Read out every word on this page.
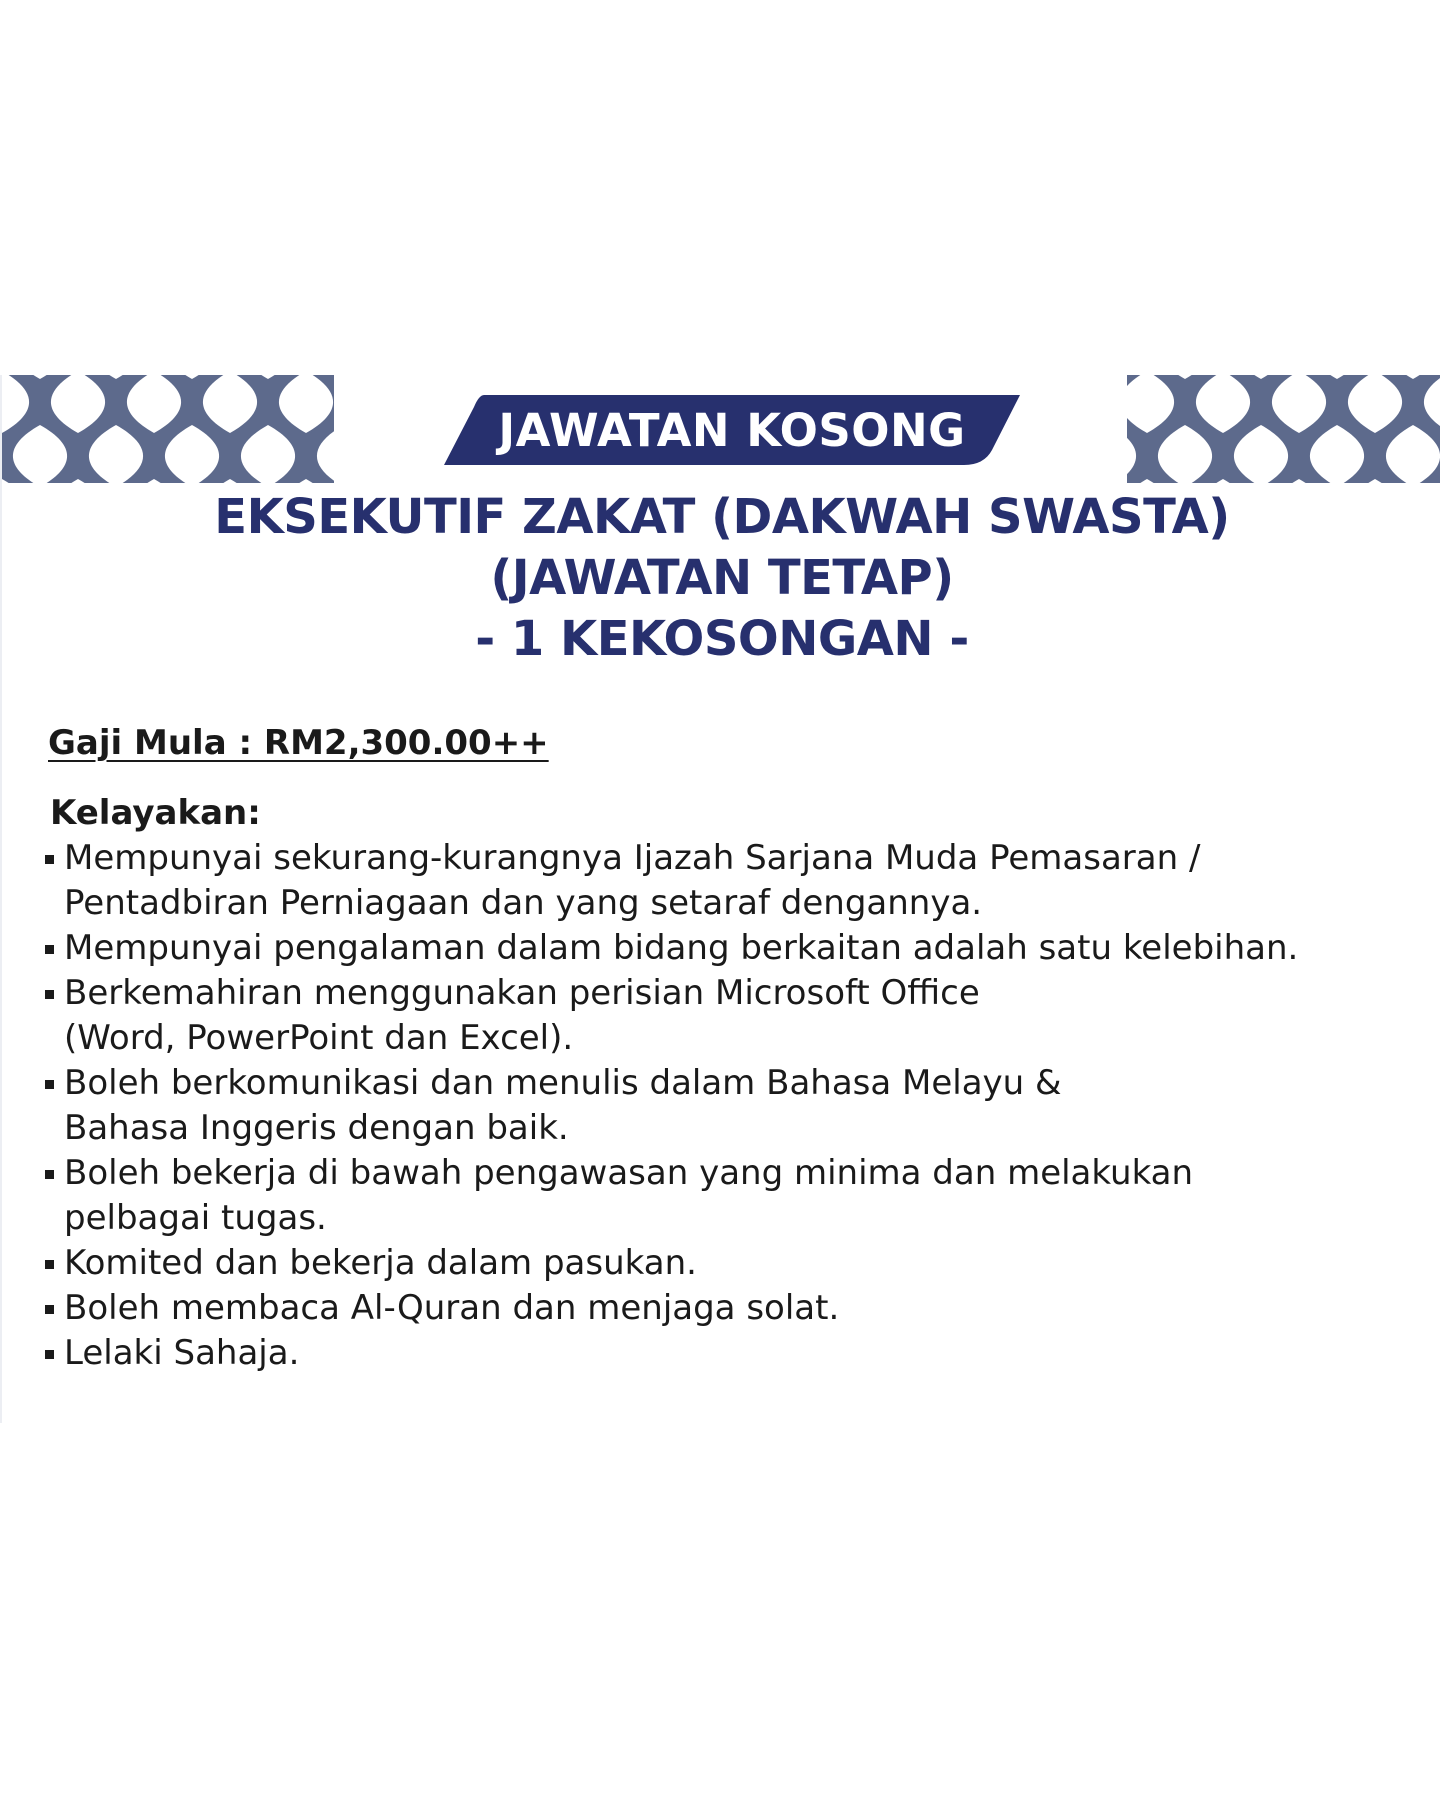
JAWATAN KOSONG
EKSEKUTIF ZAKAT (DAKWAH SWASTA)
(JAWATAN TETAP)
- 1 KEKOSONGAN -
Gaji Mula : RM2,300.00++
Kelayakan:
Mempunyai sekurang-kurangnya Ijazah Sarjana Muda Pemasaran /
Pentadbiran Perniagaan dan yang setaraf dengannya.
Mempunyai pengalaman dalam bidang berkaitan adalah satu kelebihan.
Berkemahiran menggunakan perisian Microsoft Office
(Word, PowerPoint dan Excel).
Boleh berkomunikasi dan menulis dalam Bahasa Melayu &
Bahasa Inggeris dengan baik.
Boleh bekerja di bawah pengawasan yang minima dan melakukan
pelbagai tugas.
Komited dan bekerja dalam pasukan.
Boleh membaca Al-Quran dan menjaga solat.
Lelaki Sahaja.
